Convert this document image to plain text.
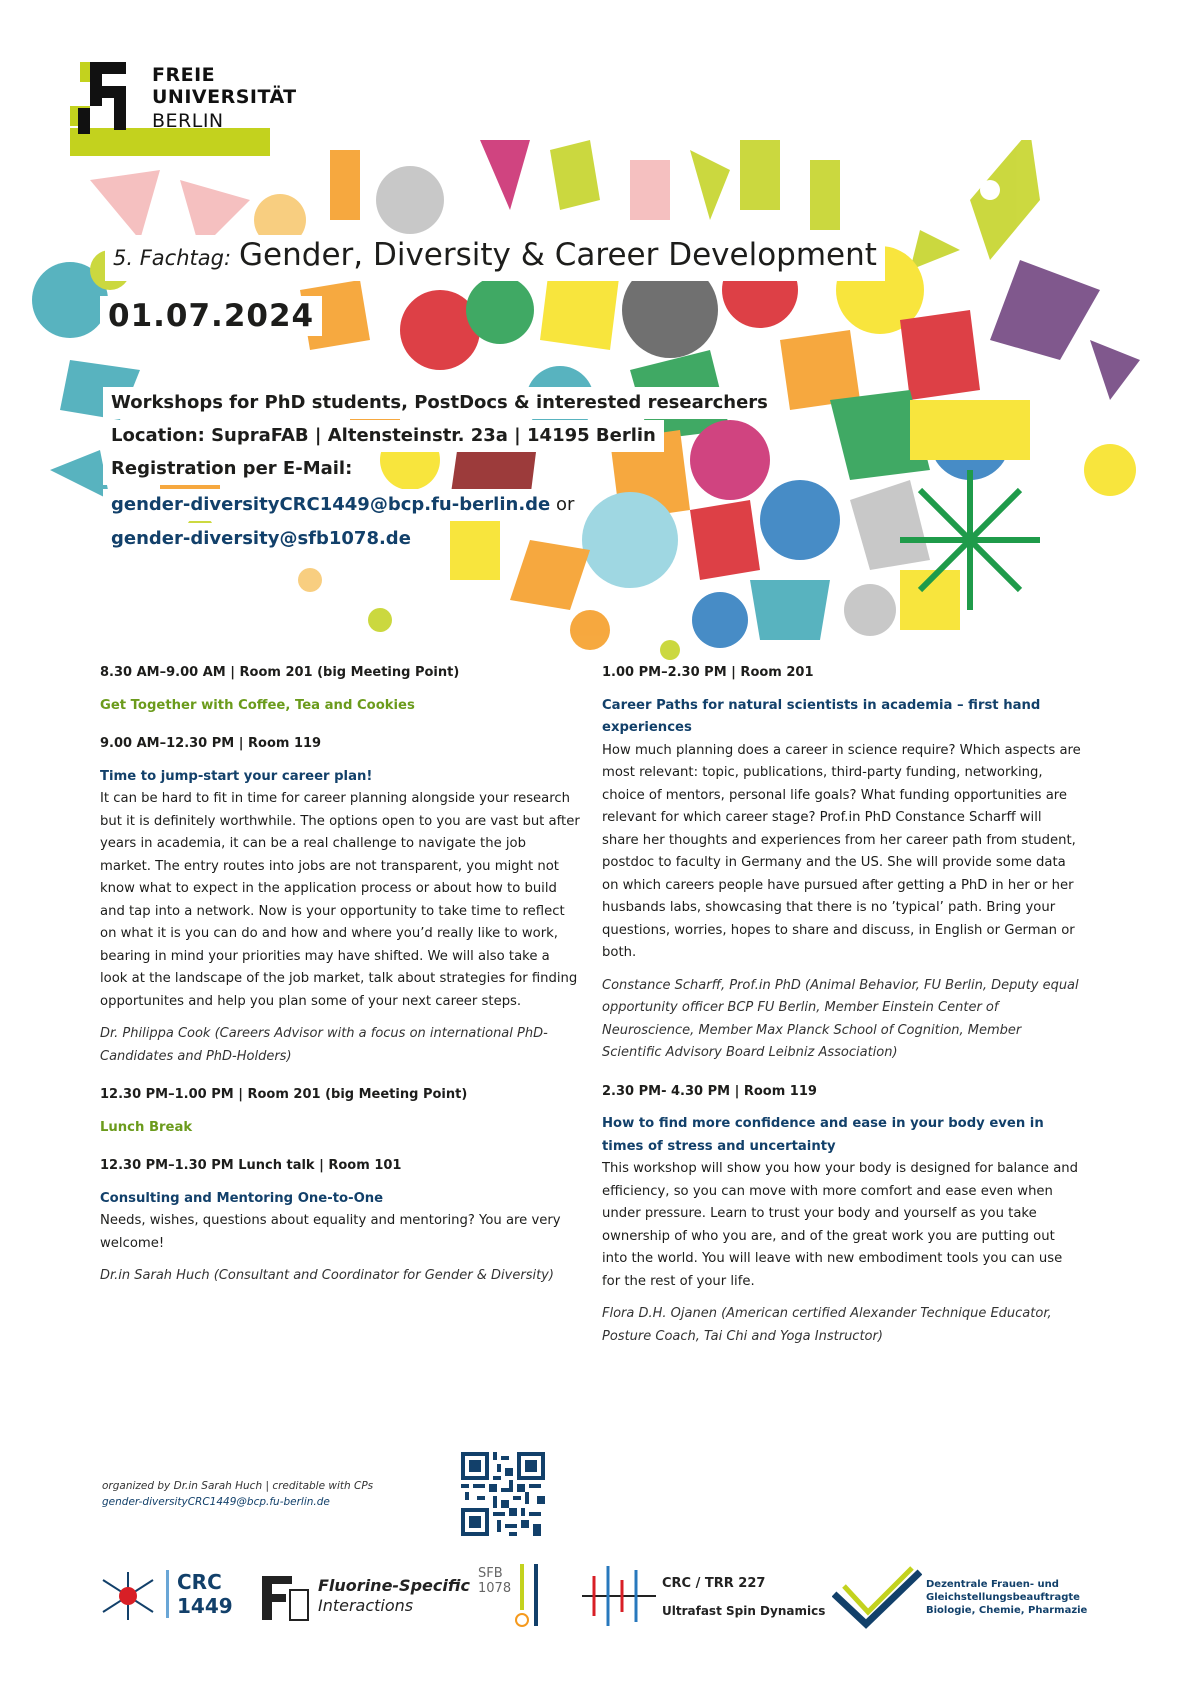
FREIE
UNIVERSITÄT
BERLIN
5. Fachtag: Gender, Diversity & Career Development
01.07.2024
Workshops for PhD students, PostDocs & interested researchers
Location: SupraFAB | Altensteinstr. 23a | 14195 Berlin
Registration per E-Mail:
gender-diversityCRC1449@bcp.fu-berlin.de or
gender-diversity@sfb1078.de
8.30 AM–9.00 AM | Room 201 (big Meeting Point)
Get Together with Coffee, Tea and Cookies
9.00 AM–12.30 PM | Room 119
Time to jump-start your career plan!
It can be hard to fit in time for career planning alongside your research but it is definitely worthwhile. The options open to you are vast but after years in academia, it can be a real challenge to navigate the job market. The entry routes into jobs are not transparent, you might not know what to expect in the application process or about how to build and tap into a network. Now is your opportunity to take time to reflect on what it is you can do and how and where you’d really like to work, bearing in mind your priorities may have shifted. We will also take a look at the landscape of the job market, talk about strategies for finding opportunites and help you plan some of your next career steps.
Dr. Philippa Cook (Careers Advisor with a focus on international PhD-Candidates and PhD-Holders)
12.30 PM–1.00 PM | Room 201 (big Meeting Point)
Lunch Break
12.30 PM–1.30 PM Lunch talk | Room 101
Consulting and Mentoring One-to-One
Needs, wishes, questions about equality and mentoring? You are very welcome!
Dr.in Sarah Huch (Consultant and Coordinator for Gender & Diversity)
1.00 PM–2.30 PM | Room 201
Career Paths for natural scientists in academia – first hand experiences
How much planning does a career in science require? Which aspects are most relevant: topic, publications, third-party funding, networking, choice of mentors, personal life goals? What funding opportunities are relevant for which career stage? Prof.in PhD Constance Scharff will share her thoughts and experiences from her career path from student, postdoc to faculty in Germany and the US. She will provide some data on which careers people have pursued after getting a PhD in her or her husbands labs, showcasing that there is no ’typical’ path. Bring your questions, worries, hopes to share and discuss, in English or German or both.
Constance Scharff, Prof.in PhD (Animal Behavior, FU Berlin, Deputy equal opportunity officer BCP FU Berlin, Member Einstein Center of Neuroscience, Member Max Planck School of Cognition, Member Scientific Advisory Board Leibniz Association)
2.30 PM- 4.30 PM | Room 119
How to find more confidence and ease in your body even in times of stress and uncertainty
This workshop will show you how your body is designed for balance and efficiency, so you can move with more comfort and ease even when under pressure. Learn to trust your body and yourself as you take ownership of who you are, and of the great work you are putting out into the world. You will leave with new embodiment tools you can use for the rest of your life.
Flora D.H. Ojanen (American certified Alexander Technique Educator, Posture Coach, Tai Chi and Yoga Instructor)
organized by Dr.in Sarah Huch | creditable with CPs
gender-diversityCRC1449@bcp.fu-berlin.de
CRC
1449
Fluorine-Specific
Interactions
SFB
1078	CRC / TRR 227
Ultrafast Spin Dynamics
Dezentrale Frauen- und
Gleichstellungsbeauftragte
Biologie, Chemie, Pharmazie
